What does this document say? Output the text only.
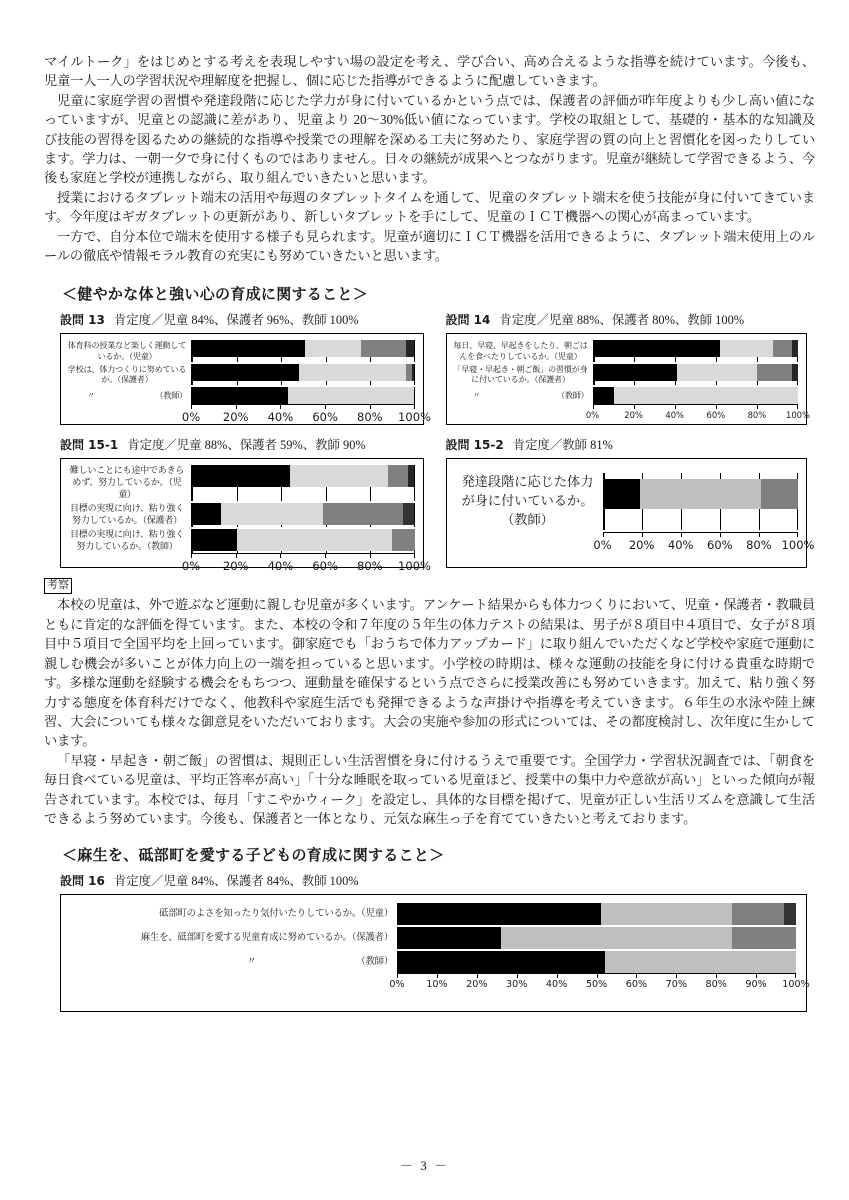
マイルトーク」をはじめとする考えを表現しやすい場の設定を考え、学び合い、高め合えるような指導を続けています。今後も、児童一人一人の学習状況や理解度を把握し、個に応じた指導ができるように配慮していきます。

児童に家庭学習の習慣や発達段階に応じた学力が身に付いているかという点では、保護者の評価が昨年度よりも少し高い値になっていますが、児童との認識に差があり、児童より 20～30%低い値になっています。学校の取組として、基礎的・基本的な知識及び技能の習得を図るための継続的な指導や授業での理解を深める工夫に努めたり、家庭学習の質の向上と習慣化を図ったりしています。学力は、一朝一夕で身に付くものではありません。日々の継続が成果へとつながります。児童が継続して学習できるよう、今後も家庭と学校が連携しながら、取り組んでいきたいと思います。

授業におけるタブレット端末の活用や毎週のタブレットタイムを通して、児童のタブレット端末を使う技能が身に付いてきています。今年度はギガタブレットの更新があり、新しいタブレットを手にして、児童のＩＣＴ機器への関心が高まっています。

一方で、自分本位で端末を使用する様子も見られます。児童が適切にＩＣＴ機器を活用できるように、タブレット端末使用上のルールの徹底や情報モラル教育の充実にも努めていきたいと思います。

＜健やかな体と強い心の育成に関すること＞
設問 13 肯定度／児童 84%、保護者 96%、教師 100%	設問 14 肯定度／児童 88%、保護者 80%、教師 100%
体育科の授業など楽しく運動しているか。（児童）
学校は、体力つくりに努めているか。（保護者）
〃	（教師）
0% 20% 40% 60% 80% 100%
毎日、早寝、早起きをしたり、朝ごはんを食べたりしているか。（児童）
「早寝・早起き・朝ご飯」の習慣が身に付いているか。（保護者）
〃	（教師）
0%	20%	40%	60%	80% 100%
設問 15-1 肯定度／児童 88%、保護者 59%、教師 90%	設問 15-2 肯定度／教師 81%
難しいことにも途中であきらめず、努力しているか。（児童）
目標の実現に向け、粘り強く努力しているか。（保護者）
目標の実現に向け、粘り強く努力しているか。（教師）
0% 20% 40% 60% 80% 100%
発達段階に応じた体力が身に付いているか。（教師）
0% 20% 40% 60% 80% 100%
考察

本校の児童は、外で遊ぶなど運動に親しむ児童が多くいます。アンケート結果からも体力つくりにおいて、児童・保護者・教職員ともに肯定的な評価を得ています。また、本校の令和７年度の５年生の体力テストの結果は、男子が８項目中４項目で、女子が８項目中５項目で全国平均を上回っています。御家庭でも「おうちで体力アップカード」に取り組んでいただくなど学校や家庭で運動に親しむ機会が多いことが体力向上の一端を担っていると思います。小学校の時期は、様々な運動の技能を身に付ける貴重な時期です。多様な運動を経験する機会をもちつつ、運動量を確保するという点でさらに授業改善にも努めていきます。加えて、粘り強く努力する態度を体育科だけでなく、他教科や家庭生活でも発揮できるような声掛けや指導を考えていきます。６年生の水泳や陸上練習、大会についても様々な御意見をいただいております。大会の実施や参加の形式については、その都度検討し、次年度に生かしています。

「早寝・早起き・朝ご飯」の習慣は、規則正しい生活習慣を身に付けるうえで重要です。全国学力・学習状況調査では、「朝食を毎日食べている児童は、平均正答率が高い」「十分な睡眠を取っている児童ほど、授業中の集中力や意欲が高い」といった傾向が報告されています。本校では、毎月「すこやかウィーク」を設定し、具体的な目標を掲げて、児童が正しい生活リズムを意識して生活できるよう努めています。今後も、保護者と一体となり、元気な麻生っ子を育てていきたいと考えております。

＜麻生を、砥部町を愛する子どもの育成に関すること＞
設問 16 肯定度／児童 84%、保護者 84%、教師 100%
砥部町のよさを知ったり気付いたりしているか。（児童）
麻生を、砥部町を愛する児童育成に努めているか。（保護者）
〃	（教師）
0% 10% 20% 30% 40% 50% 60% 70% 80% 90% 100%
－ 3 －
